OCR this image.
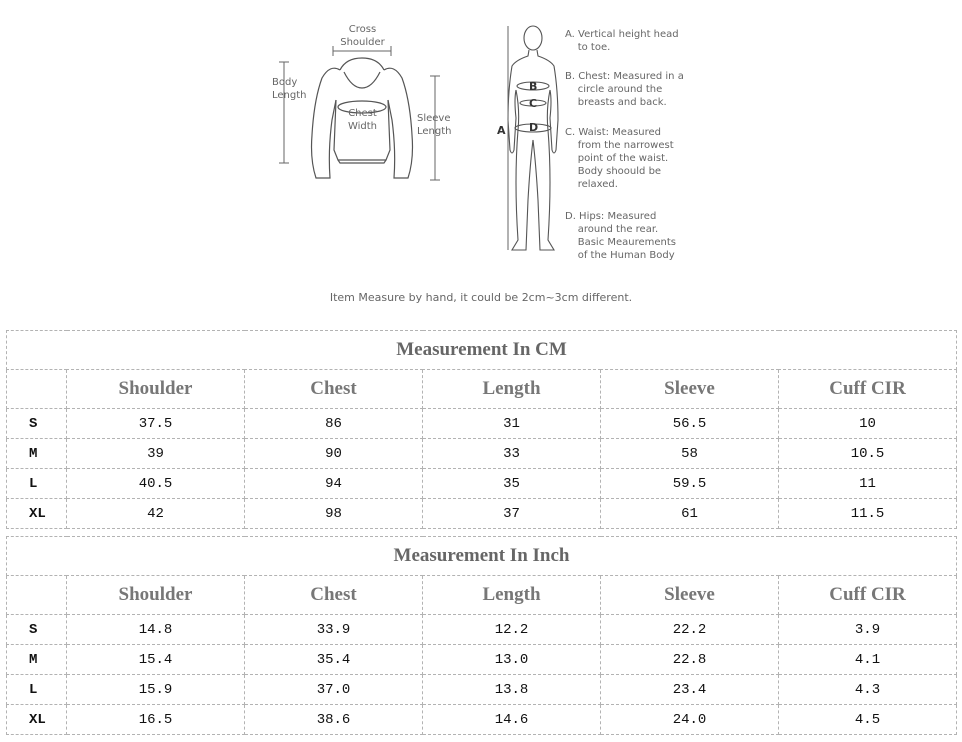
Cross
Shoulder
Body
Length
Chest
Width
Sleeve
Length	A
B
C
D
A. Vertical height head
to toe.
B. Chest: Measured in a
circle around the
breasts and back.
C. Waist: Measured
from the narrowest
point of the waist.
Body shoould be
relaxed.
D. Hips: Measured
around the rear.
Basic Meaurements
of the Human Body
Item Measure by hand, it could be 2cm~3cm different.
Measurement In CM					
	Shoulder	Chest	Length	Sleeve	Cuff CIR
S	37.5	86	31	56.5	10
M	39	90	33	58	10.5
L	40.5	94	35	59.5	11
XL	42	98	37	61	11.5
Measurement In Inch					
	Shoulder	Chest	Length	Sleeve	Cuff CIR
S	14.8	33.9	12.2	22.2	3.9
M	15.4	35.4	13.0	22.8	4.1
L	15.9	37.0	13.8	23.4	4.3
XL	16.5	38.6	14.6	24.0	4.5
